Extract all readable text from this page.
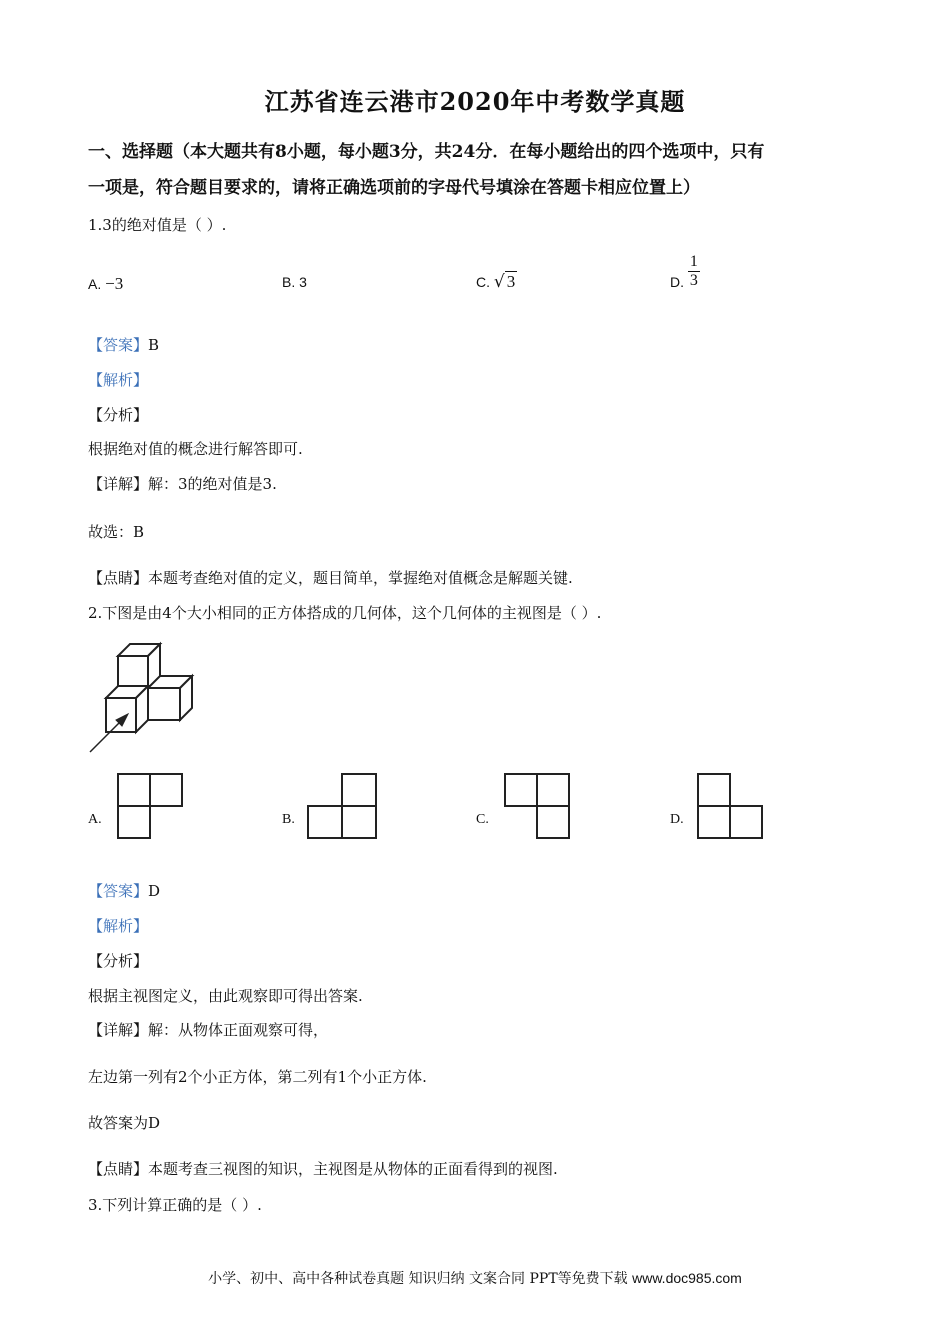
江苏省连云港市2020年中考数学真题
一、选择题（本大题共有8小题，每小题3分，共24分．在每小题给出的四个选项中，只有
一项是，符合题目要求的，请将正确选项前的字母代号填涂在答题卡相应位置上）
1.3的绝对值是（ ）.
A. −3	B. 3	C. √ 3	D. $\frac{1}{3}$
【答案】B
【解析】
【分析】
根据绝对值的概念进行解答即可.
【详解】解：3的绝对值是3.
故选：B
【点睛】本题考查绝对值的定义，题目简单，掌握绝对值概念是解题关键.
2.下图是由4个大小相同的正方体搭成的几何体，这个几何体的主视图是（ ）.
A.	B.	C.	D.
【答案】D
【解析】
【分析】
根据主视图定义，由此观察即可得出答案.
【详解】解：从物体正面观察可得，
左边第一列有2个小正方体，第二列有1个小正方体.
故答案为D
【点睛】本题考查三视图的知识，主视图是从物体的正面看得到的视图.
3.下列计算正确的是（ ）.
小学、初中、高中各种试卷真题 知识归纳 文案合同 PPT等免费下载 www.doc985.com
